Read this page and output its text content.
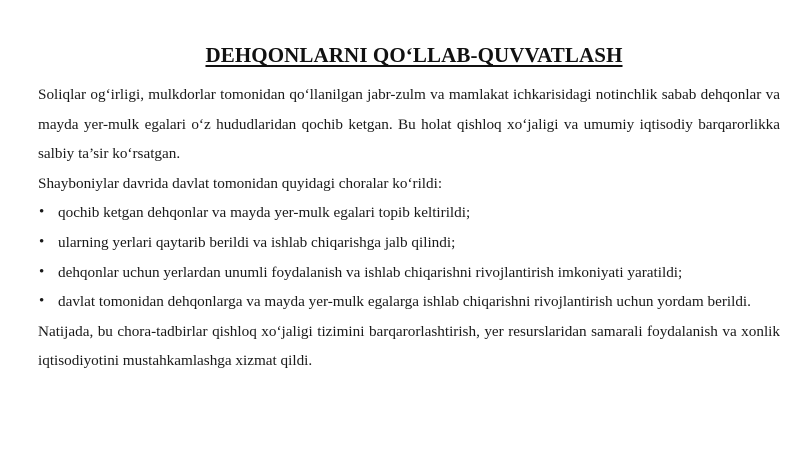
DEHQONLARNI QO‘LLAB-QUVVATLASH

Soliqlar og‘irligi, mulkdorlar tomonidan qo‘llanilgan jabr-zulm va mamlakat ichkarisidagi notinchlik sabab dehqonlar va mayda yer-mulk egalari o‘z hududlaridan qochib ketgan. Bu holat qishloq xo‘jaligi va umumiy iqtisodiy barqarorlikka salbiy ta’sir ko‘rsatgan.

Shayboniylar davrida davlat tomonidan quyidagi choralar ko‘rildi:

• qochib ketgan dehqonlar va mayda yer-mulk egalari topib keltirildi;
• ularning yerlari qaytarib berildi va ishlab chiqarishga jalb qilindi;
• dehqonlar uchun yerlardan unumli foydalanish va ishlab chiqarishni rivojlantirish imkoniyati yaratildi;
• davlat tomonidan dehqonlarga va mayda yer-mulk egalarga ishlab chiqarishni rivojlantirish uchun yordam berildi.

Natijada, bu chora-tadbirlar qishloq xo‘jaligi tizimini barqarorlashtirish, yer resurslaridan samarali foydalanish va xonlik iqtisodiyotini mustahkamlashga xizmat qildi.
